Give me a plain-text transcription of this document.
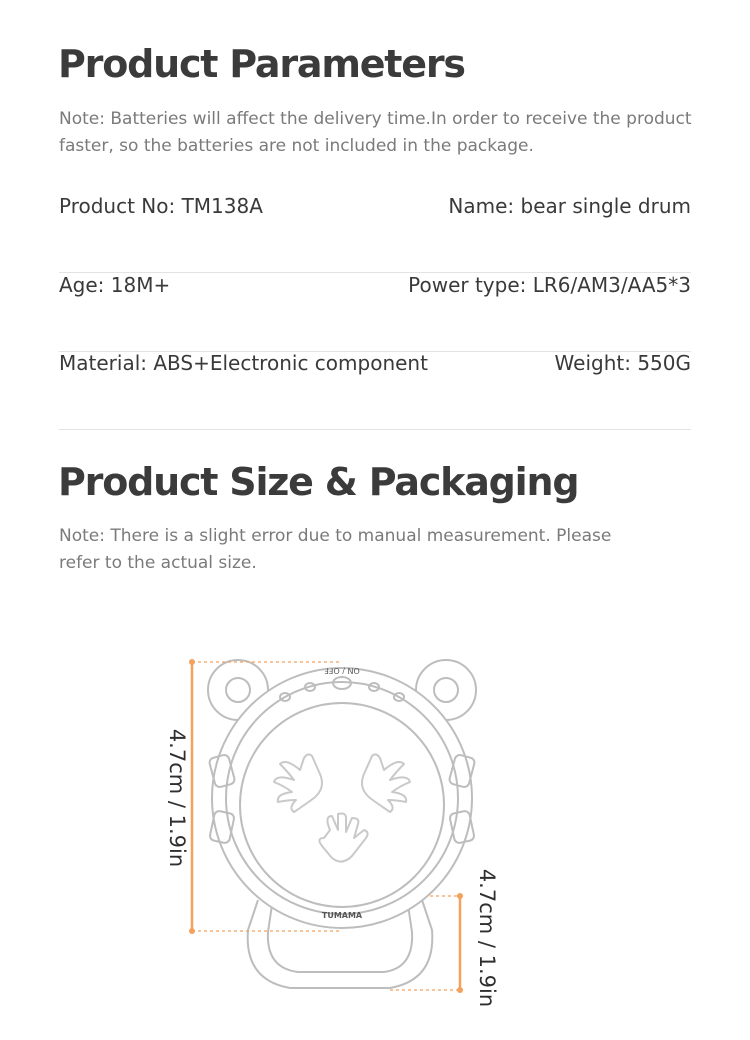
Product Parameters
Note: Batteries will affect the delivery time.In order to receive the product faster, so the batteries are not included in the package.
Product No: TM138A	Name: bear single drum
Age: 18M+	Power type: LR6/AM3/AA5*3
Material: ABS+Electronic component	Weight: 550G
Product Size & Packaging
Note: There is a slight error due to manual measurement. Please refer to the actual size.
ON / OFF
TUMAMA
4.7cm / 1.9in
4.7cm / 1.9in
